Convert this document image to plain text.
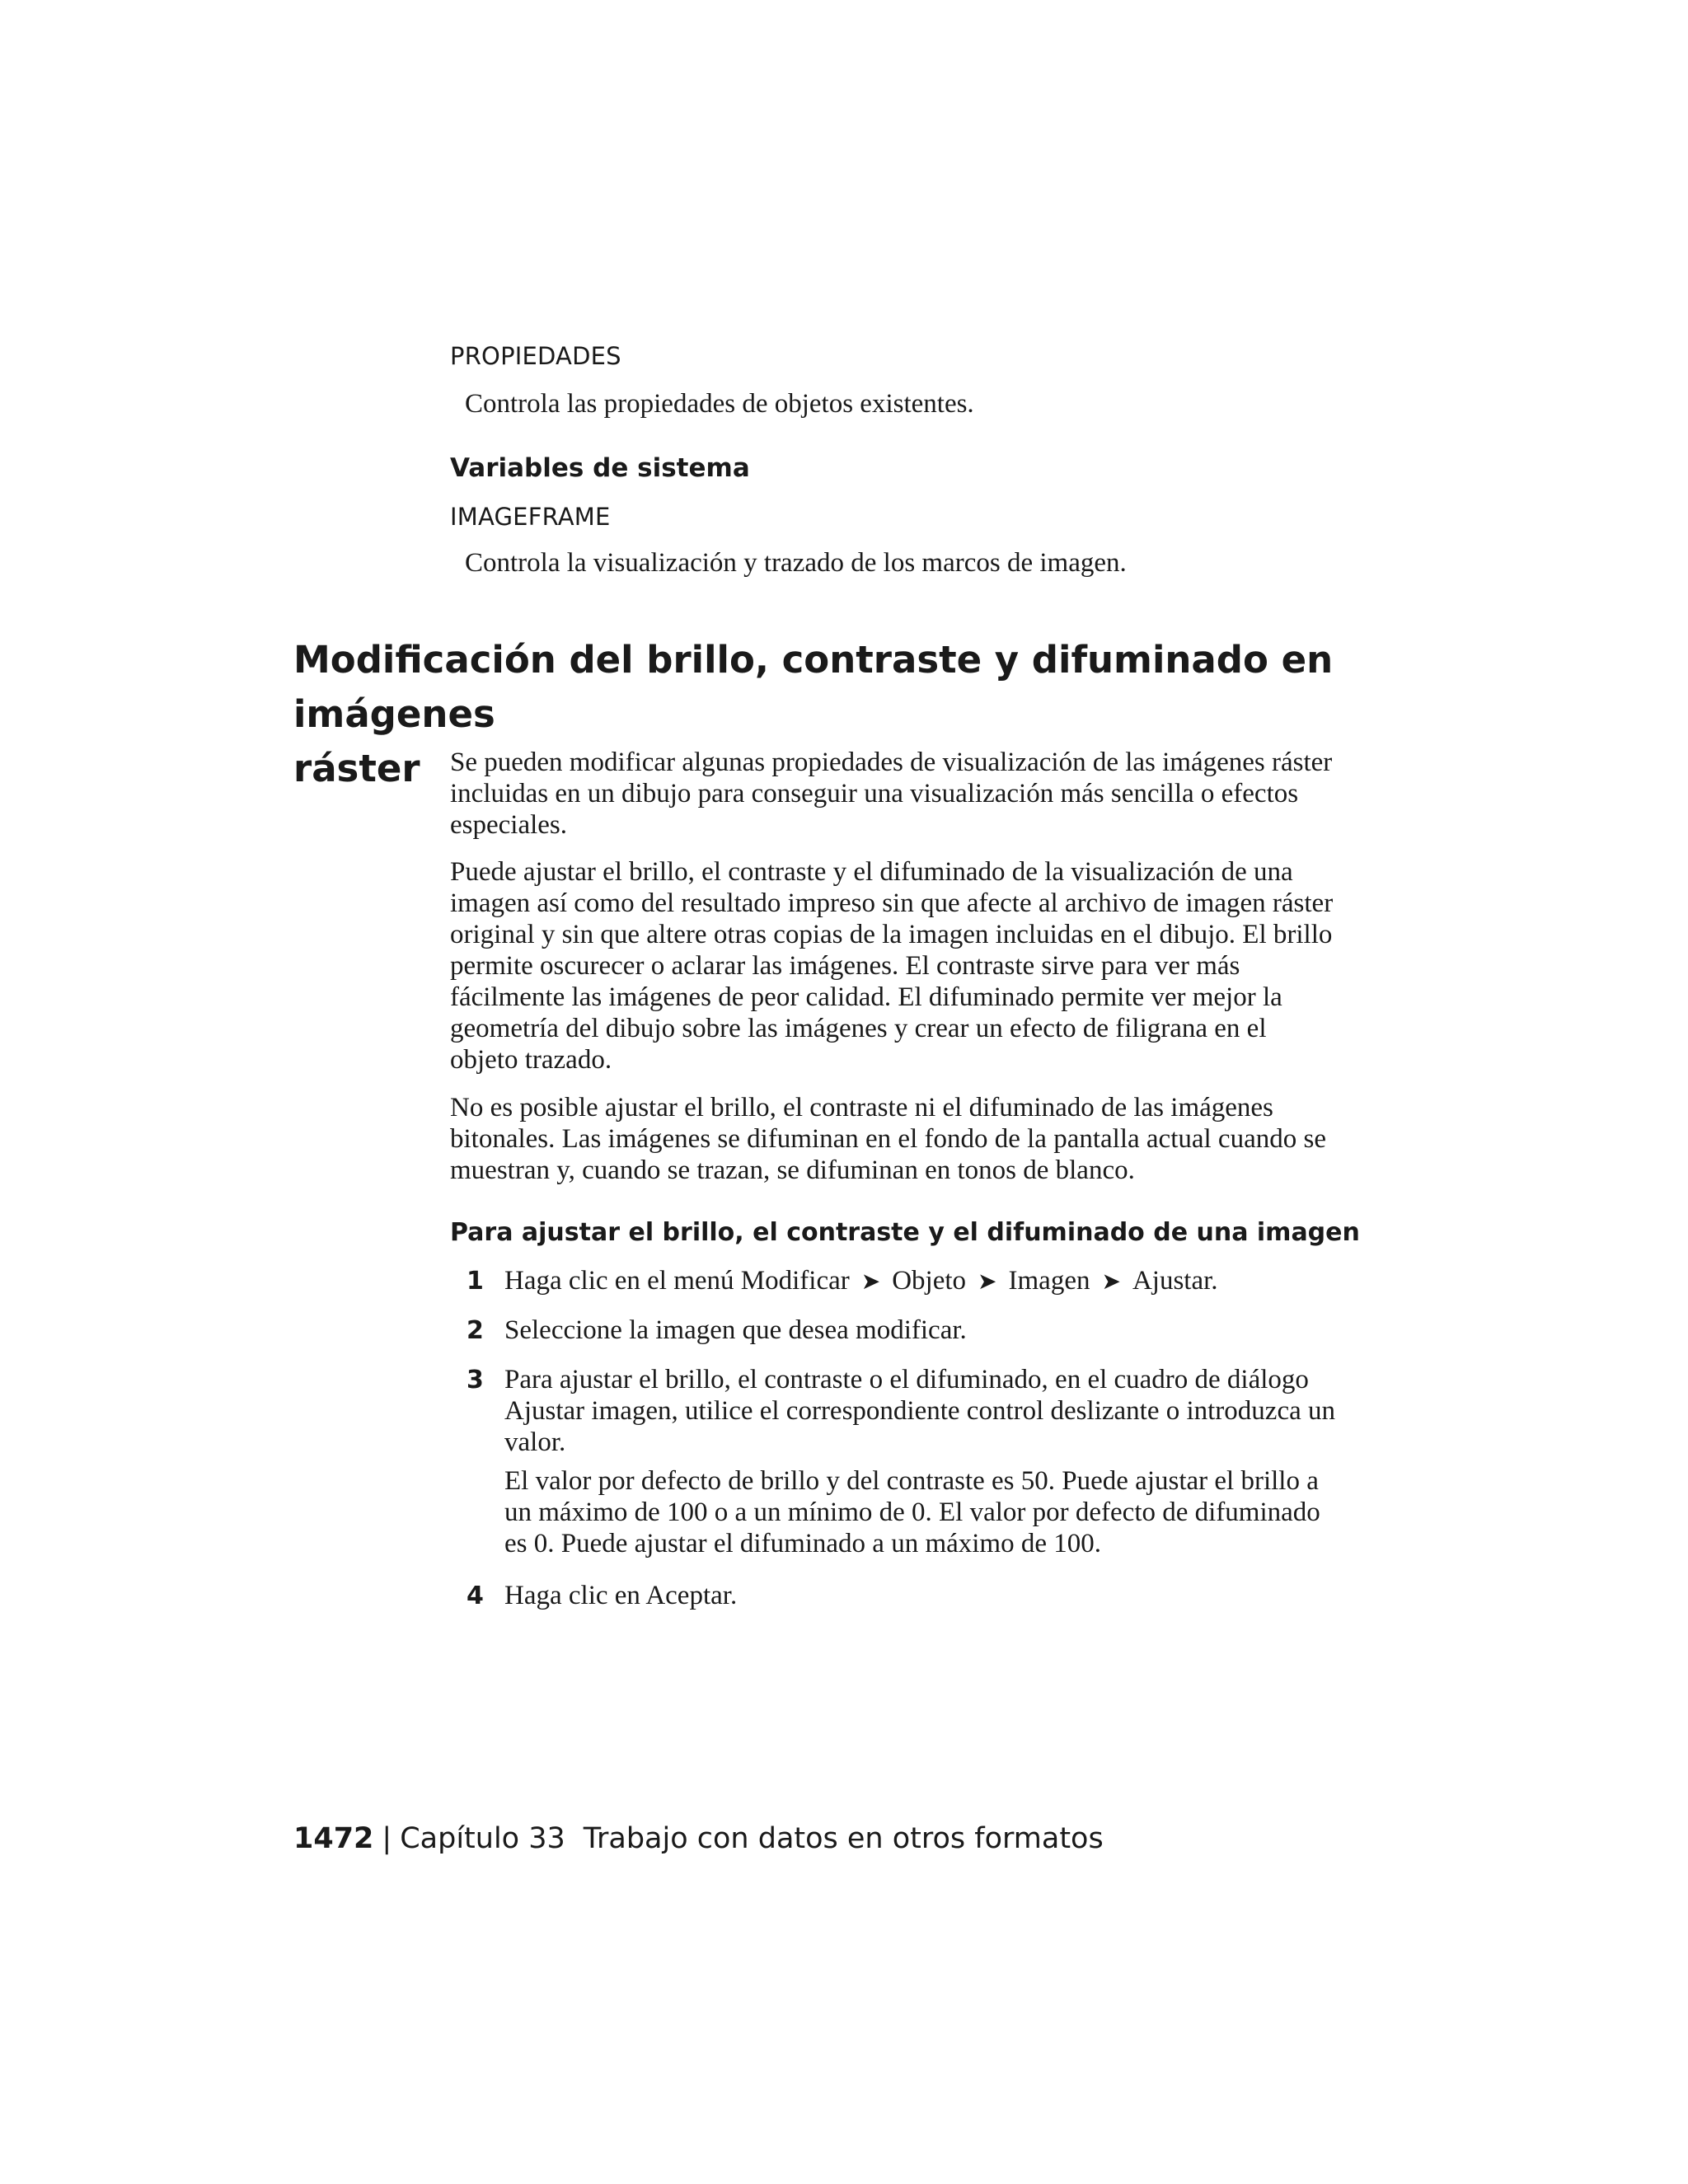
PROPIEDADES
Controla las propiedades de objetos existentes.
Variables de sistema
IMAGEFRAME
Controla la visualización y trazado de los marcos de imagen.
Modificación del brillo, contraste y difuminado en imágenes
ráster	Se pueden modificar algunas propiedades de visualización de las imágenes ráster incluidas en un dibujo para conseguir una visualización más sencilla o efectos especiales.

Puede ajustar el brillo, el contraste y el difuminado de la visualización de una imagen así como del resultado impreso sin que afecte al archivo de imagen ráster original y sin que altere otras copias de la imagen incluidas en el dibujo. El brillo permite oscurecer o aclarar las imágenes. El contraste sirve para ver más fácilmente las imágenes de peor calidad. El difuminado permite ver mejor la geometría del dibujo sobre las imágenes y crear un efecto de filigrana en el objeto trazado.

No es posible ajustar el brillo, el contraste ni el difuminado de las imágenes bitonales. Las imágenes se difuminan en el fondo de la pantalla actual cuando se muestran y, cuando se trazan, se difuminan en tonos de blanco.

Para ajustar el brillo, el contraste y el difuminado de una imagen
1 Haga clic en el menú Modificar ➤ Objeto ➤ Imagen ➤ Ajustar.

2 Seleccione la imagen que desea modificar.

3 Para ajustar el brillo, el contraste o el difuminado, en el cuadro de diálogo Ajustar imagen, utilice el correspondiente control deslizante o introduzca un valor.

El valor por defecto de brillo y del contraste es 50. Puede ajustar el brillo a un máximo de 100 o a un mínimo de 0. El valor por defecto de difuminado es 0. Puede ajustar el difuminado a un máximo de 100.

4 Haga clic en Aceptar.

1472 | Capítulo 33 Trabajo con datos en otros formatos
